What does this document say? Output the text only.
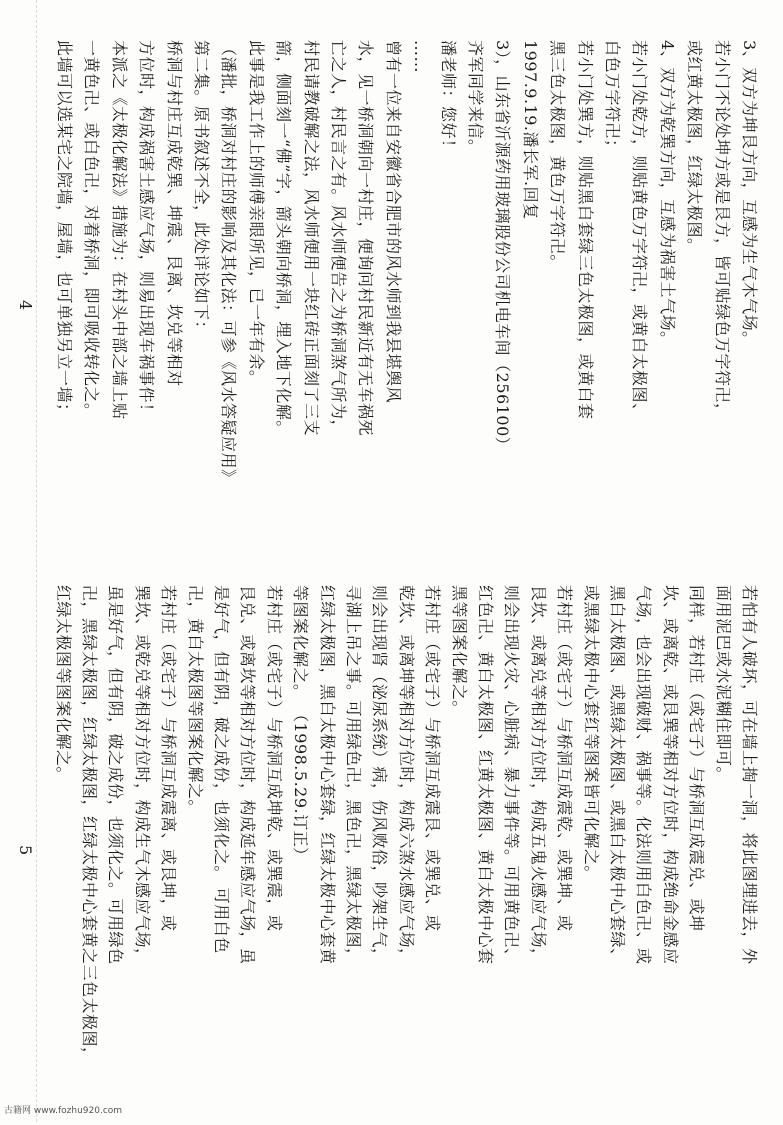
4	3、双方为坤艮方向，互感为生气木气场。
若小门不论处坤方或是艮方，皆可贴绿色万字符卍，
或红黄太极图，红绿太极图。
4、双方为乾巽方向，互感为祸害土气场。
若小门处乾方，则贴黄色万字符卍，或黄白太极图、
白色万字符卍；
若小门处巽方，则贴黑白套绿三色太极图，或黄白套
黑三色太极图，黄色万字符卍。
1997.9.19.潘长军.回复
3），山东省沂源药用玻璃股份公司机电车间（256100）
齐军同学来信。
潘老师：您好！
……
曾有一位来自安徽省合肥市的风水师到我县堪舆风
水，见一桥洞朝向一村庄，便询问村民新近有无车祸死
亡之人，村民言之有。风水师便告之为桥洞煞气所为，
村民请教破解之法，风水师便用一块红砖正面刻了三支
箭，侧面刻一“佛”字，箭头朝向桥洞，埋入地下化解。
此事是我工作上的师傅亲眼所见，已一年有余。
（潘批，桥洞对村庄的影响及其化法：可参《风水答疑应用》
第二集。原书叙述不全，此处详论如下：
桥洞与村庄互成乾巽、坤震、艮离、坎兑等相对
方位时，构成祸害土感应气场，则易出现车祸事件！
本派之《太极化解法》措施为：在村头中部之墙上贴
一黄色卍、或白色卍，对着桥洞，即可吸收转化之。
此墙可以选某宅之院墙，屋墙，也可单独另立一墙；
5	若怕有人破坏，可在墙上掏一洞，将此图埋进去，外
面用泥巴或水泥糊住即可。
同样，若村庄（或宅子）与桥洞互成震兑、或坤
坎、或离乾、或艮巽等相对方位时，构成绝命金感应
气场，也会出现破财、祸事等。化法则用白色卍、或
黑白太极图、或黑绿太极图、或黑白太极中心套绿、
或黑绿太极中心套红等图案皆可化解之。
若村庄（或宅子）与桥洞互成震乾、或巽坤、或
艮坎、或离兑等相对方位时，构成五鬼火感应气场，
则会出现火灾、心脏病、暴力事件等。可用黄色卍、
红色卍、黄白太极图、红黄太极图、黄白太极中心套
黑等图案化解之。
若村庄（或宅子）与桥洞互成震艮、或巽兑、或
乾坎、或离坤等相对方位时，构成六煞水感应气场，
则会出现肾（泌尿系统）病，伤风败俗，吵架生气，
寻湖上吊之事。可用绿色卍，黑色卍，黑绿太极图，
红绿太极图，黑白太极中心套绿，红绿太极中心套黄
等图案化解之。 （1998.5.29.订正）
若村庄（或宅子）与桥洞互成坤乾、或巽震，或
艮兑、或离坎等相对方位时，构成延年感应气场，虽
是好气，但有阴，破之成份，也须化之。 可用白色
卍，黄白太极图等图案化解之。
若村庄（或宅子）与桥洞互成震离、或艮坤，或
巽坎、或乾兑等相对方位时，构成生气木感应气场，
虽是好气，但有阴，破之成份，也须化之。可用绿色
卍，黑绿太极图，红绿太极图，红绿太极中心套黄之三色太极图，
红绿太极图等图案化解之。
古籍网 www.fozhu920.com
